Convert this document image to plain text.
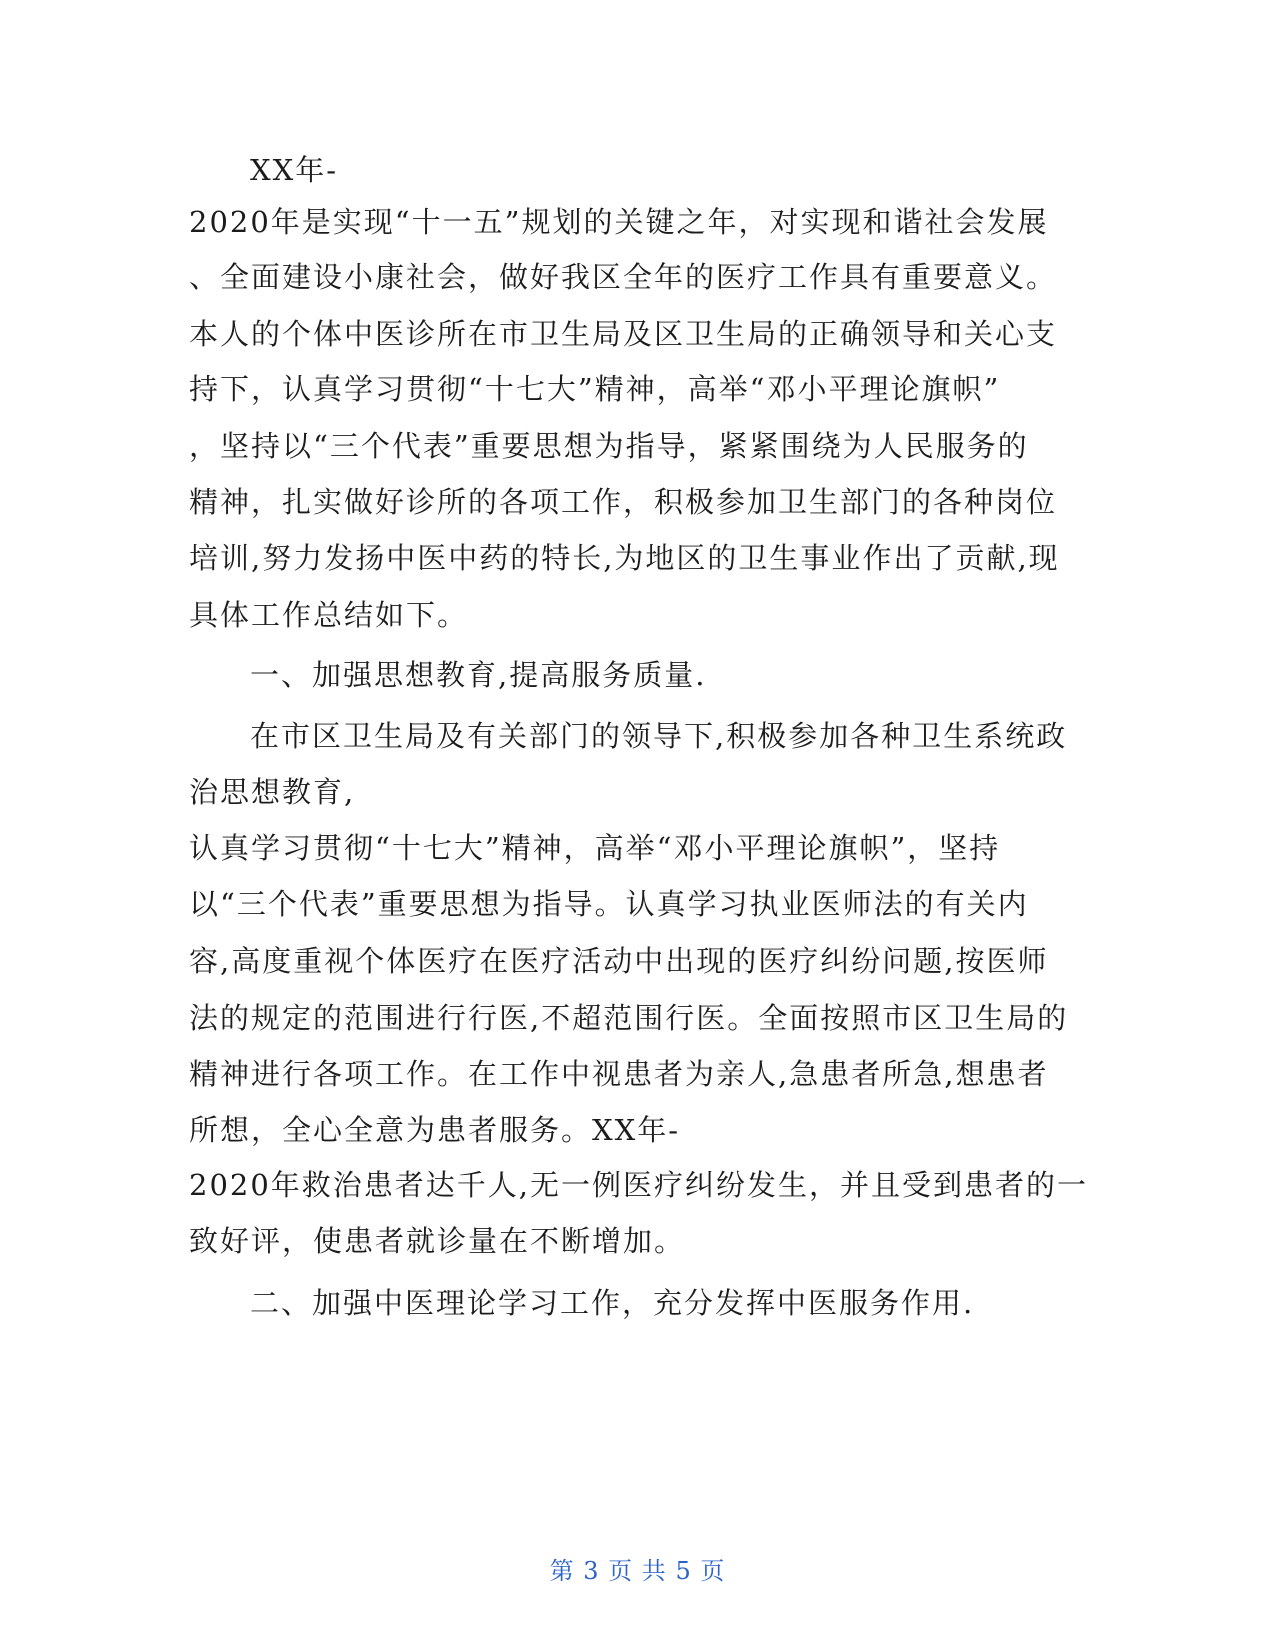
XX年-
2020年是实现“十一五”规划的关键之年，对实现和谐社会发展
、全面建设小康社会，做好我区全年的医疗工作具有重要意义。
本人的个体中医诊所在市卫生局及区卫生局的正确领导和关心支
持下，认真学习贯彻“十七大”精神，高举“邓小平理论旗帜”
，坚持以“三个代表”重要思想为指导，紧紧围绕为人民服务的
精神，扎实做好诊所的各项工作，积极参加卫生部门的各种岗位
培训,努力发扬中医中药的特长,为地区的卫生事业作出了贡献,现
具体工作总结如下。
一、加强思想教育,提高服务质量.
在市区卫生局及有关部门的领导下,积极参加各种卫生系统政
治思想教育,
认真学习贯彻“十七大”精神，高举“邓小平理论旗帜”，坚持
以“三个代表”重要思想为指导。认真学习执业医师法的有关内
容,高度重视个体医疗在医疗活动中出现的医疗纠纷问题,按医师
法的规定的范围进行行医,不超范围行医。全面按照市区卫生局的
精神进行各项工作。在工作中视患者为亲人,急患者所急,想患者
所想，全心全意为患者服务。XX年-
2020年救治患者达千人,无一例医疗纠纷发生，并且受到患者的一
致好评，使患者就诊量在不断增加。
二、加强中医理论学习工作，充分发挥中医服务作用.
第 3 页 共 5 页
